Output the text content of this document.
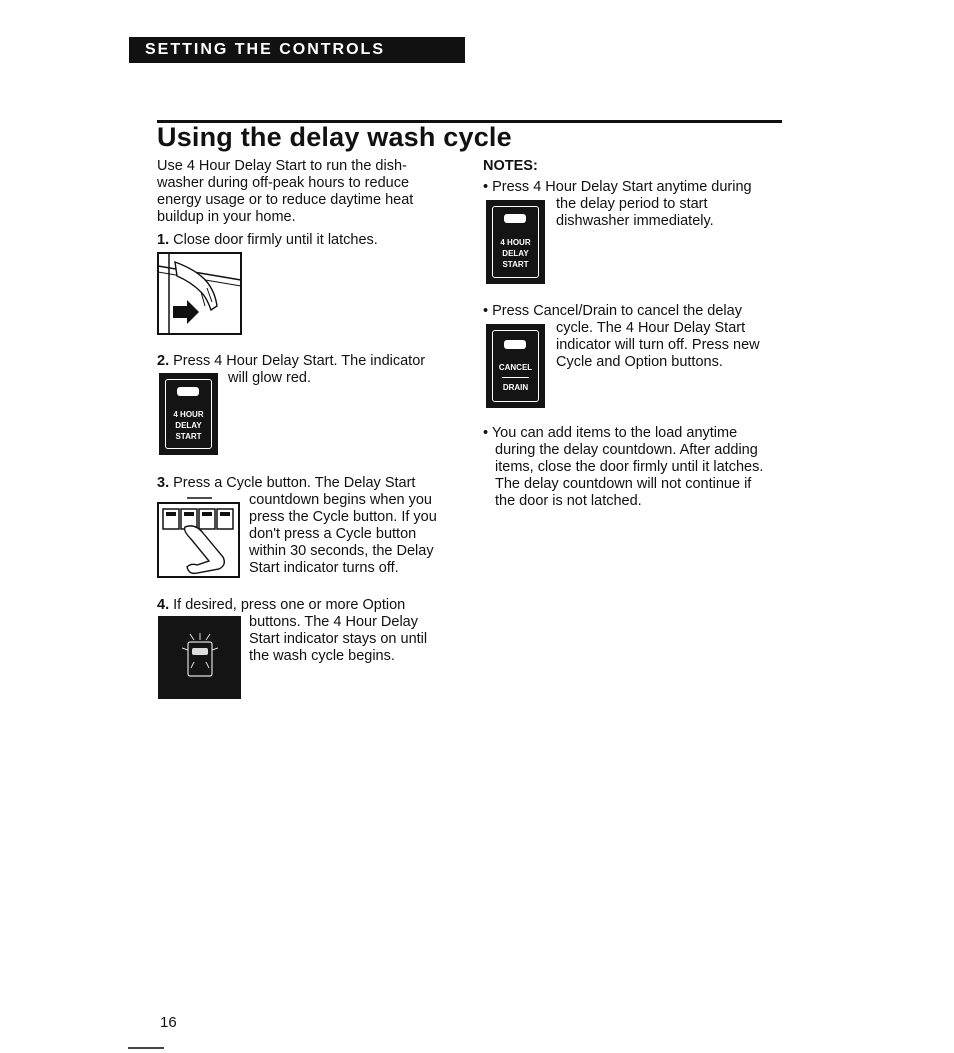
SETTING THE CONTROLS
Using the delay wash cycle

Use 4 Hour Delay Start to run the dish-

washer during off-peak hours to reduce

energy usage or to reduce daytime heat

buildup in your home.

1. Close door firmly until it latches.

2. Press 4 Hour Delay Start. The indicator

will glow red.

4 HOUR
DELAY
START

3. Press a Cycle button. The Delay Start

countdown begins when you

press the Cycle button. If you

don't press a Cycle button

within 30 seconds, the Delay

Start indicator turns off.

4. If desired, press one or more Option

buttons. The 4 Hour Delay

Start indicator stays on until

the wash cycle begins.

NOTES:

• Press 4 Hour Delay Start anytime during

the delay period to start

dishwasher immediately.

4 HOUR
DELAY
START

• Press Cancel/Drain to cancel the delay

cycle. The 4 Hour Delay Start

indicator will turn off. Press new

Cycle and Option buttons.

CANCEL
DRAIN

• You can add items to the load anytime

during the delay countdown. After adding

items, close the door firmly until it latches.

The delay countdown will not continue if

the door is not latched.

16
